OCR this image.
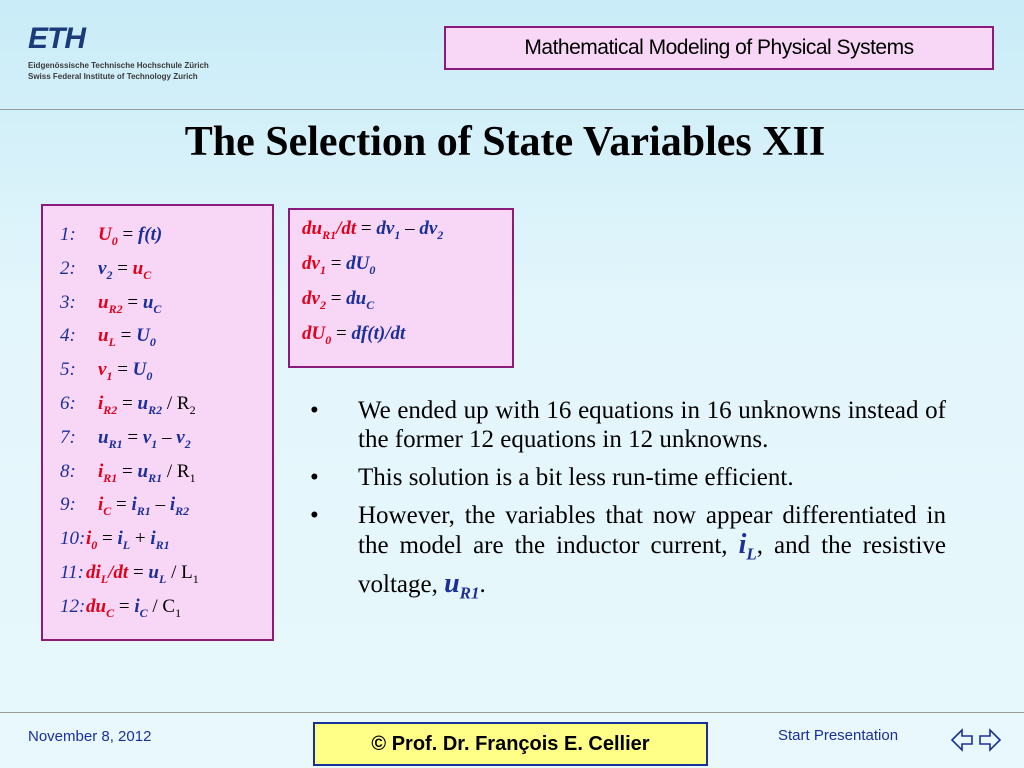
ETH
Eidgenössische Technische Hochschule Zürich
Swiss Federal Institute of Technology Zurich
Mathematical Modeling of Physical Systems
The Selection of State Variables XII
1: $U_0 = f(t)$
2: $v_2 = u_C$
3: $u_{R2} = u_C$
4: $u_L = U_0$
5: $v_1 = U_0$
6: $i_{R2} = u_{R2} / R_2$
7: $u_{R1} = v_1 - v_2$
8: $i_{R1} = u_{R1} / R_1$
9: $i_C = i_{R1} - i_{R2}$
$10:i_0 = i_L + i_{R1}$
11: $di_L/dt = u_L / L_1$
$12:du_C = i_C / C_1$
$du_{R1}/dt = dv_1 - dv_2$
$dv_1 = dU_0$
$dv_2 = du_C$
$dU_0 = df(t)/dt$
•	We ended up with 16 equations in 16 unknowns instead of the former 12 equations in 12 unknowns.
•	This solution is a bit less run-time efficient.
•	However, the variables that now appear differentiated in the model are the inductor current, $i_L$, and the resistive voltage, $u_{R1}$.
November 8, 2012	© Prof. Dr. François E. Cellier	Start Presentation
